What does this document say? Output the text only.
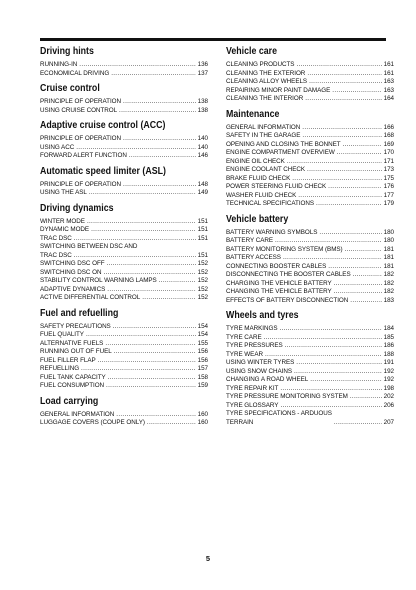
Driving hints
RUNNING-IN .....	136
ECONOMICAL DRIVING .....	137
Cruise control
PRINCIPLE OF OPERATION .....	138
USING CRUISE CONTROL .....	138
Adaptive cruise control (ACC)
PRINCIPLE OF OPERATION .....	140
USING ACC .....	140
FORWARD ALERT FUNCTION .....	146
Automatic speed limiter (ASL)
PRINCIPLE OF OPERATION .....	148
USING THE ASL .....	149
Driving dynamics
WINTER MODE .....	151
DYNAMIC MODE .....	151
TRAC DSC .....	151
SWITCHING BETWEEN DSC AND
TRAC DSC .....	151
SWITCHING DSC OFF .....	152
SWITCHING DSC ON .....	152
STABILITY CONTROL WARNING LAMPS .....	152
ADAPTIVE DYNAMICS .....	152
ACTIVE DIFFERENTIAL CONTROL .....	152
Fuel and refuelling
SAFETY PRECAUTIONS .....	154
FUEL QUALITY .....	154
ALTERNATIVE FUELS .....	155
RUNNING OUT OF FUEL .....	156
FUEL FILLER FLAP .....	156
REFUELLING .....	157
FUEL TANK CAPACITY .....	158
FUEL CONSUMPTION .....	159
Load carrying
GENERAL INFORMATION .....	160
LUGGAGE COVERS (COUPE ONLY) .....	160
Vehicle care
CLEANING PRODUCTS .....	161
CLEANING THE EXTERIOR .....	161
CLEANING ALLOY WHEELS .....	163
REPAIRING MINOR PAINT DAMAGE .....	163
CLEANING THE INTERIOR .....	164
Maintenance
GENERAL INFORMATION .....	166
SAFETY IN THE GARAGE .....	168
OPENING AND CLOSING THE BONNET .....	169
ENGINE COMPARTMENT OVERVIEW .....	170
ENGINE OIL CHECK .....	171
ENGINE COOLANT CHECK .....	173
BRAKE FLUID CHECK .....	175
POWER STEERING FLUID CHECK .....	176
WASHER FLUID CHECK .....	177
TECHNICAL SPECIFICATIONS .....	179
Vehicle battery
BATTERY WARNING SYMBOLS .....	180
BATTERY CARE .....	180
BATTERY MONITORING SYSTEM (BMS) .....	181
BATTERY ACCESS .....	181
CONNECTING BOOSTER CABLES .....	181
DISCONNECTING THE BOOSTER CABLES .....	182
CHARGING THE VEHICLE BATTERY .....	182
CHANGING THE VEHICLE BATTERY .....	182
EFFECTS OF BATTERY DISCONNECTION .....	183
Wheels and tyres
TYRE MARKINGS .....	184
TYRE CARE .....	185
TYRE PRESSURES .....	186
TYRE WEAR .....	188
USING WINTER TYRES .....	191
USING SNOW CHAINS .....	192
CHANGING A ROAD WHEEL .....	192
TYRE REPAIR KIT .....	198
TYRE PRESSURE MONITORING SYSTEM .....	202
TYRE GLOSSARY .....	206
TYRE SPECIFICATIONS - ARDUOUS
TERRAIN .....	207
5
